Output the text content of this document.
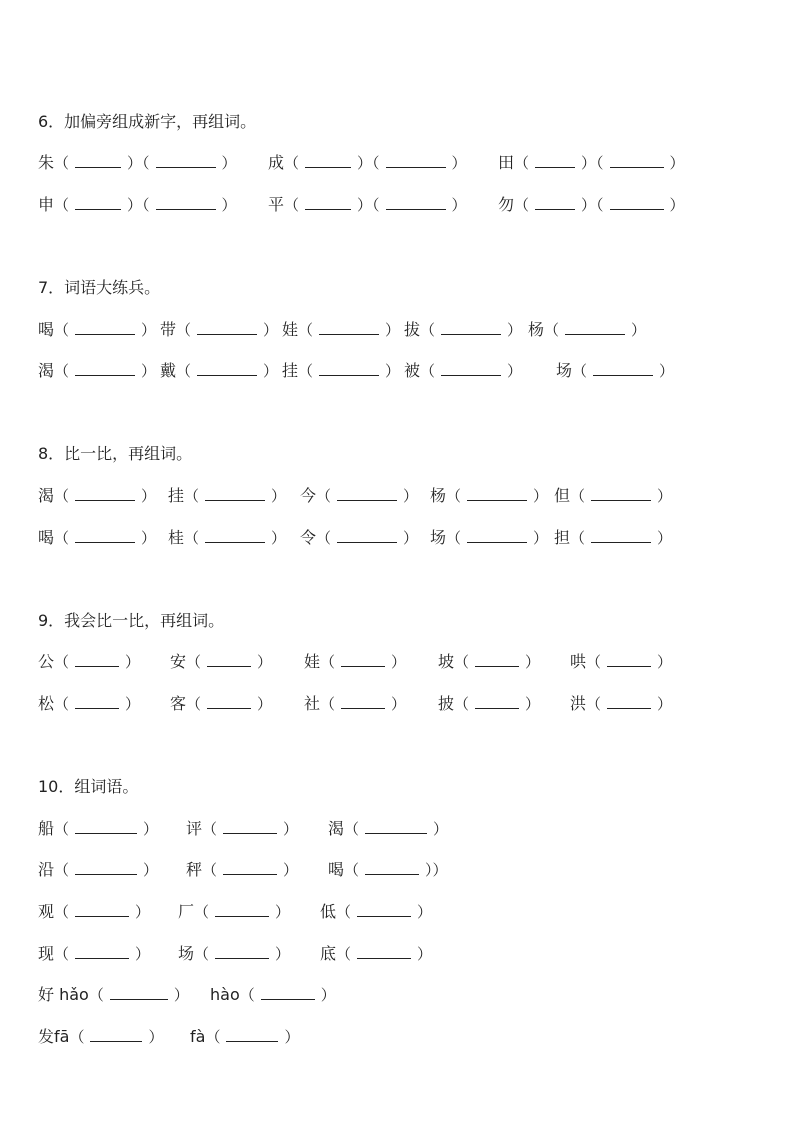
6．加偏旁组成新字，再组词。
朱（	）（	） 成（	）（	） 田（	）（	）
申（	）（	） 平（	）（	） 勿（	）（	）
7．词语大练兵。
喝（	） 带（	） 娃（	） 拔（	） 杨（	）
渴（	） 戴（	） 挂（	） 被（	） 场（	）
8．比一比，再组词。
渴（	） 挂（	） 今（	） 杨（	） 但（	）
喝（	） 桂（	） 令（	） 场（	） 担（	）
9．我会比一比，再组词。
公（	） 安（	） 娃（	） 坡（	） 哄（	）
松（	） 客（	） 社（	） 披（	） 洪（	）
10．组词语。
船（	） 评（	） 渴（	）
沿（	） 秤（	） 喝（	））
观（	） 厂（	） 低（	）
现（	） 场（	） 底（	）
好 hǎo（	） hào（	）
发fā（	） fà（	）
